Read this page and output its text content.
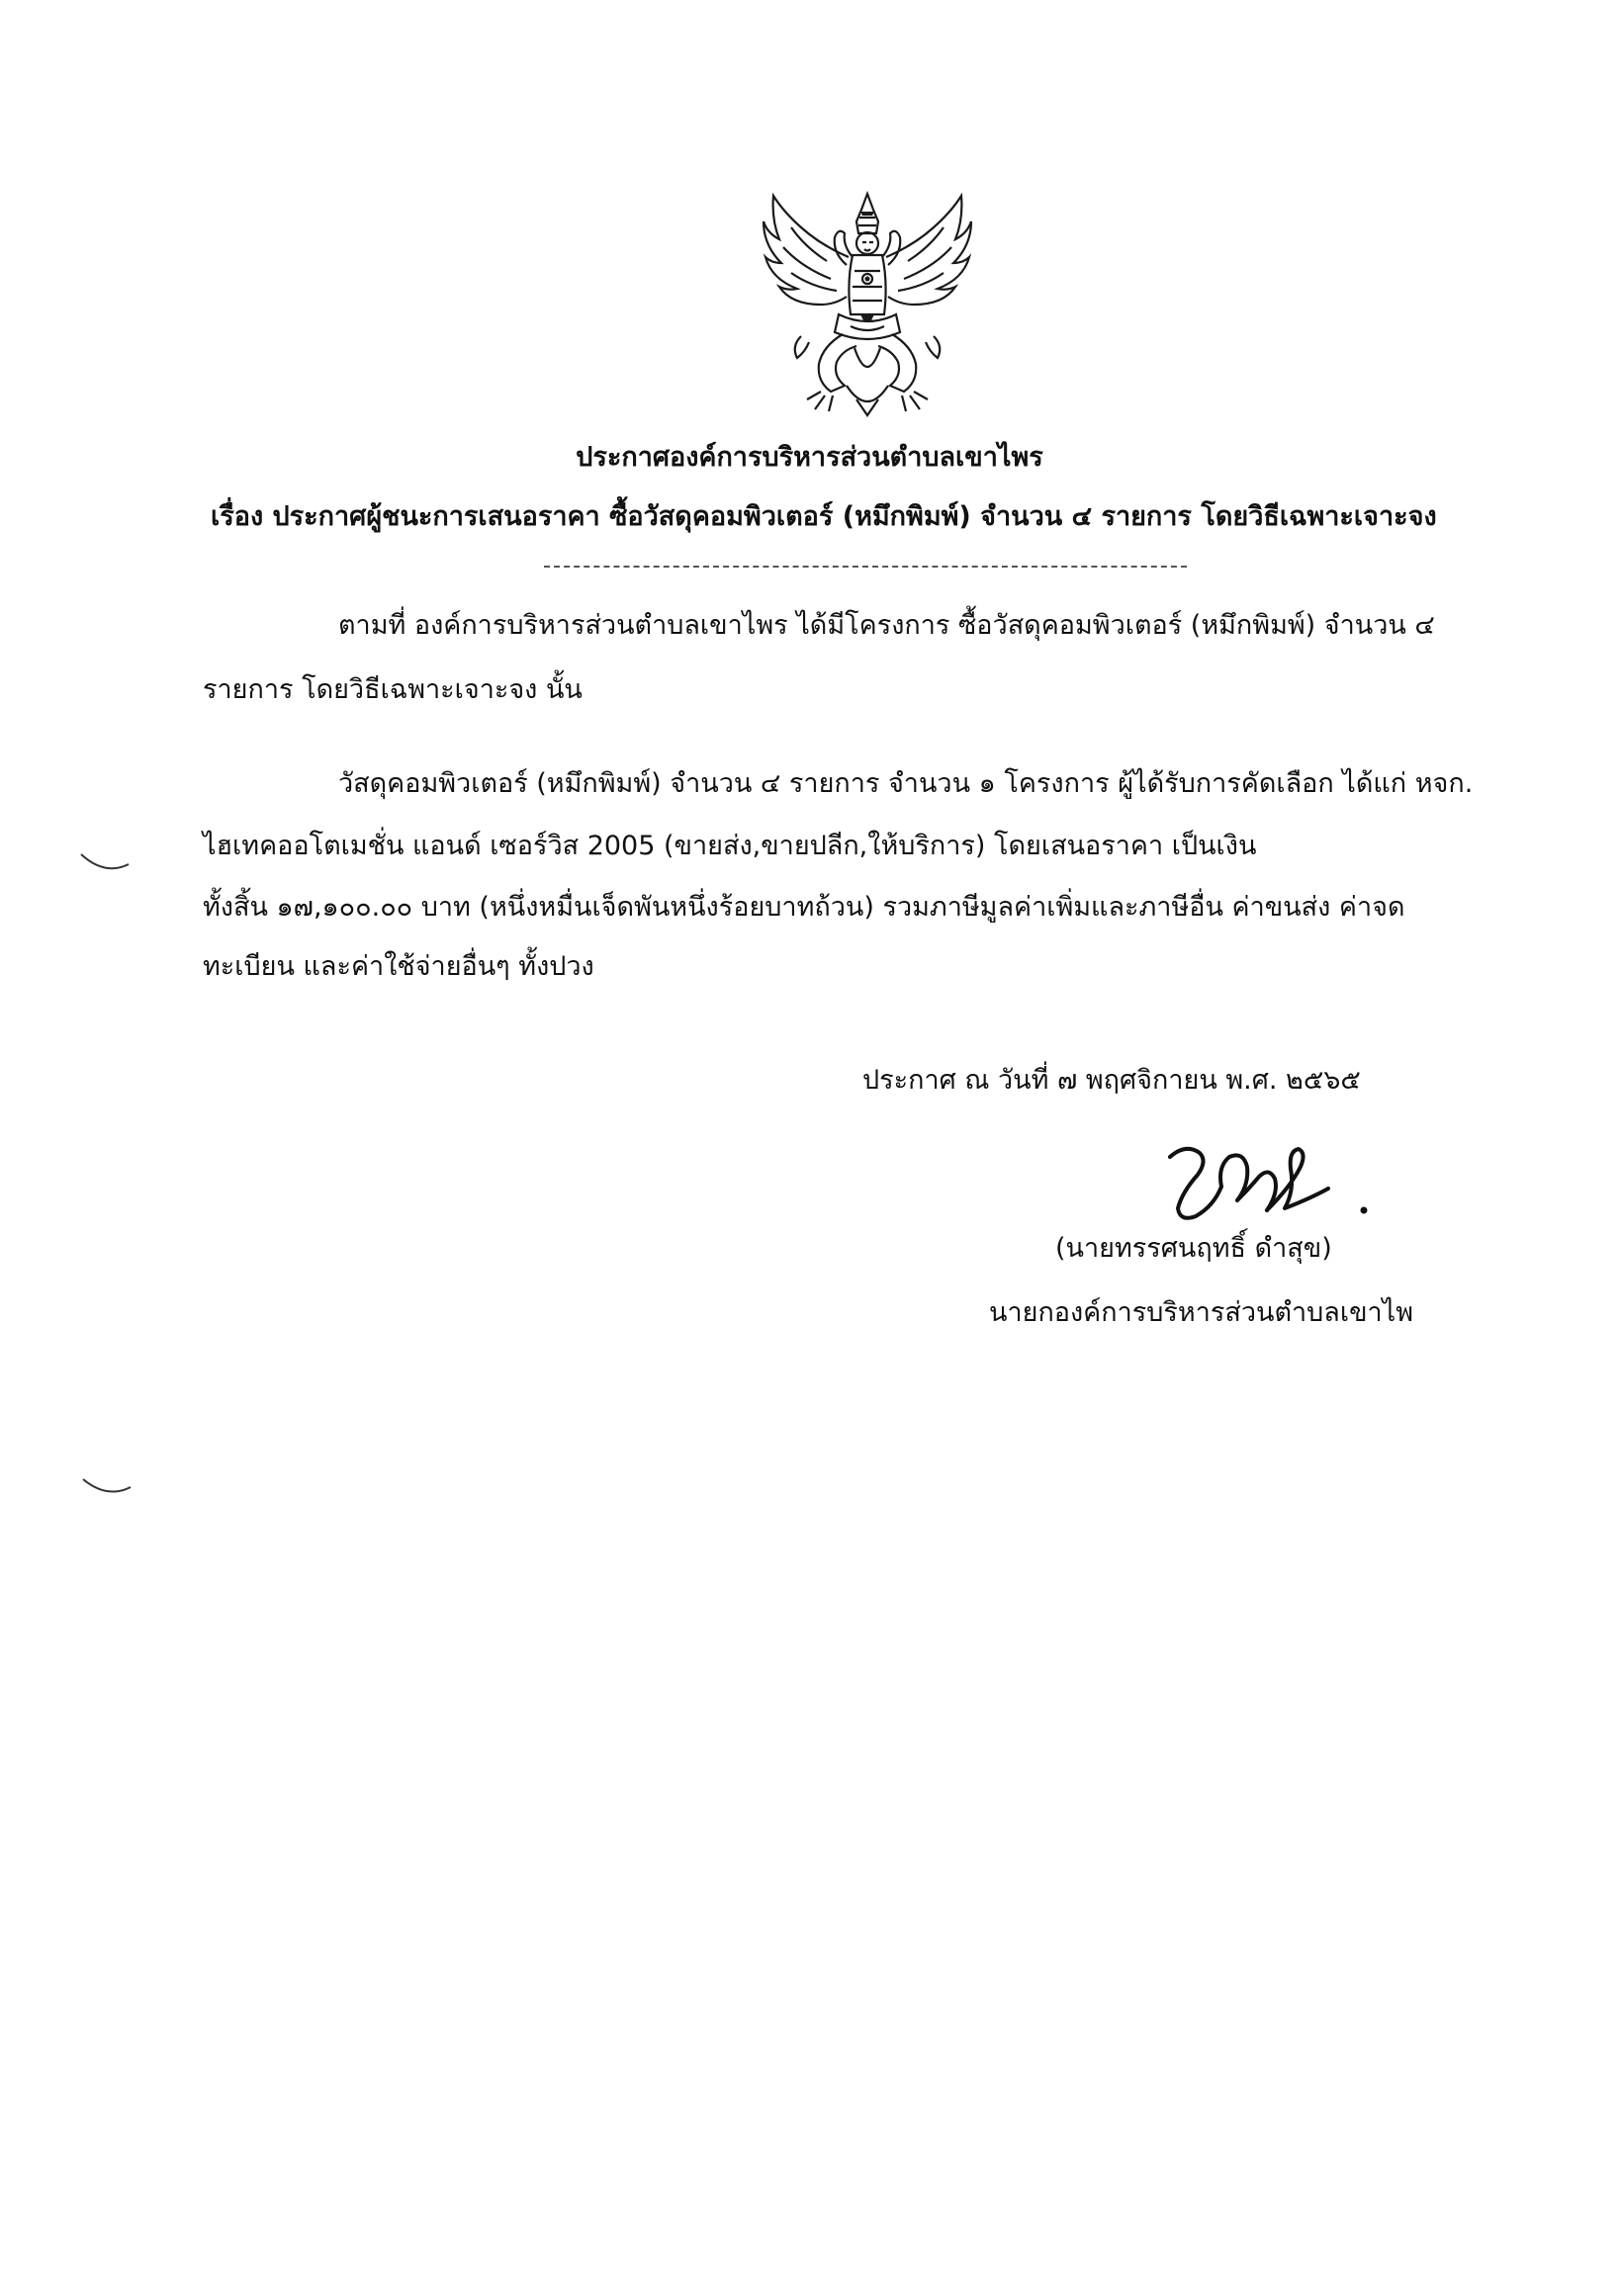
ประกาศองค์การบริหารส่วนตำบลเขาไพร
เรื่อง ประกาศผู้ชนะการเสนอราคา ซื้อวัสดุคอมพิวเตอร์ (หมึกพิมพ์) จำนวน ๔ รายการ โดยวิธีเฉพาะเจาะจง
ตามที่ องค์การบริหารส่วนตำบลเขาไพร ได้มีโครงการ ซื้อวัสดุคอมพิวเตอร์ (หมึกพิมพ์) จำนวน ๔
รายการ โดยวิธีเฉพาะเจาะจง นั้น
วัสดุคอมพิวเตอร์ (หมึกพิมพ์) จำนวน ๔ รายการ จำนวน ๑ โครงการ ผู้ได้รับการคัดเลือก ได้แก่ หจก.
ไฮเทคออโตเมชั่น แอนด์ เซอร์วิส 2005 (ขายส่ง,ขายปลีก,ให้บริการ) โดยเสนอราคา เป็นเงิน
ทั้งสิ้น ๑๗,๑๐๐.๐๐ บาท (หนึ่งหมื่นเจ็ดพันหนึ่งร้อยบาทถ้วน) รวมภาษีมูลค่าเพิ่มและภาษีอื่น ค่าขนส่ง ค่าจด
ทะเบียน และค่าใช้จ่ายอื่นๆ ทั้งปวง
ประกาศ ณ วันที่ ๗ พฤศจิกายน พ.ศ. ๒๕๖๕
(นายทรรศนฤทธิ์ ดำสุข)
นายกองค์การบริหารส่วนตำบลเขาไพ
